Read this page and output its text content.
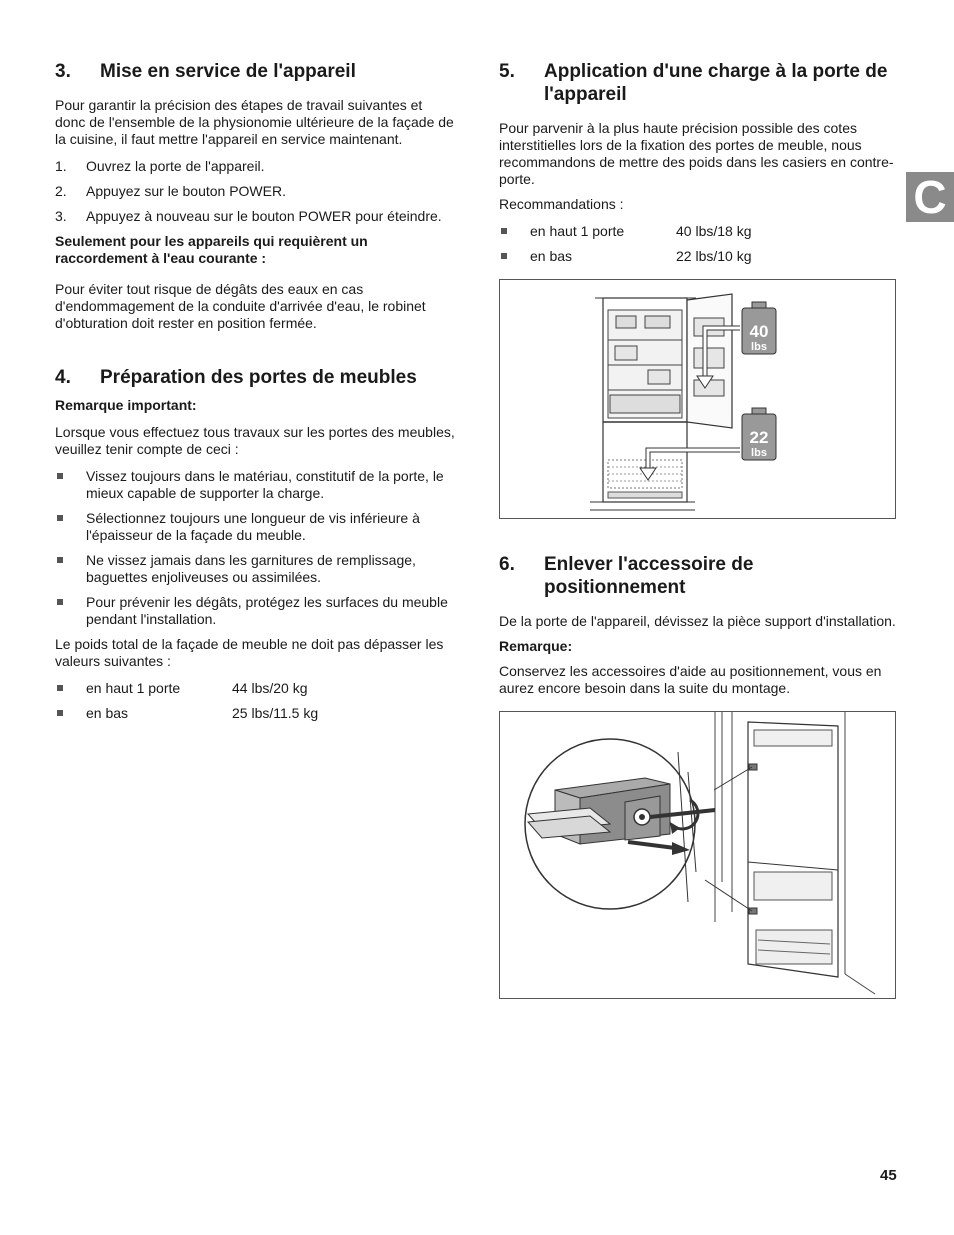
3.	Mise en service de l'appareil

Pour garantir la précision des étapes de travail suivantes et donc de l'ensemble de la physionomie ultérieure de la façade de la cuisine, il faut mettre l'appareil en service maintenant.

1.	Ouvrez la porte de l'appareil.
2.	Appuyez sur le bouton POWER.
3.	Appuyez à nouveau sur le bouton POWER pour éteindre.

Seulement pour les appareils qui requièrent un raccordement à l'eau courante :

Pour éviter tout risque de dégâts des eaux en cas d'endommagement de la conduite d'arrivée d'eau, le robinet d'obturation doit rester en position fermée.

4.	Préparation des portes de meubles

Remarque important:

Lorsque vous effectuez tous travaux sur les portes des meubles, veuillez tenir compte de ceci :

Vissez toujours dans le matériau, constitutif de la porte, le mieux capable de supporter la charge.
Sélectionnez toujours une longueur de vis inférieure à l'épaisseur de la façade du meuble.
Ne vissez jamais dans les garnitures de remplissage, baguettes enjoliveuses ou assimilées.
Pour prévenir les dégâts, protégez les surfaces du meuble pendant l'installation.

Le poids total de la façade de meuble ne doit pas dépasser les valeurs suivantes :

en haut 1 porte	44 lbs/20 kg
en bas	25 lbs/11.5 kg
5.	Application d'une charge à la porte de l'appareil

Pour parvenir à la plus haute précision possible des cotes interstitielles lors de la fixation des portes de meuble, nous recommandons de mettre des poids dans les casiers en contre-porte.

Recommandations :

en haut 1 porte	40 lbs/18 kg
en bas	22 lbs/10 kg
40
lbs
22
lbs
6.	Enlever l'accessoire de positionnement

De la porte de l'appareil, dévissez la pièce support d'installation.

Remarque:

Conservez les accessoires d'aide au positionnement, vous en aurez encore besoin dans la suite du montage.

C
45
